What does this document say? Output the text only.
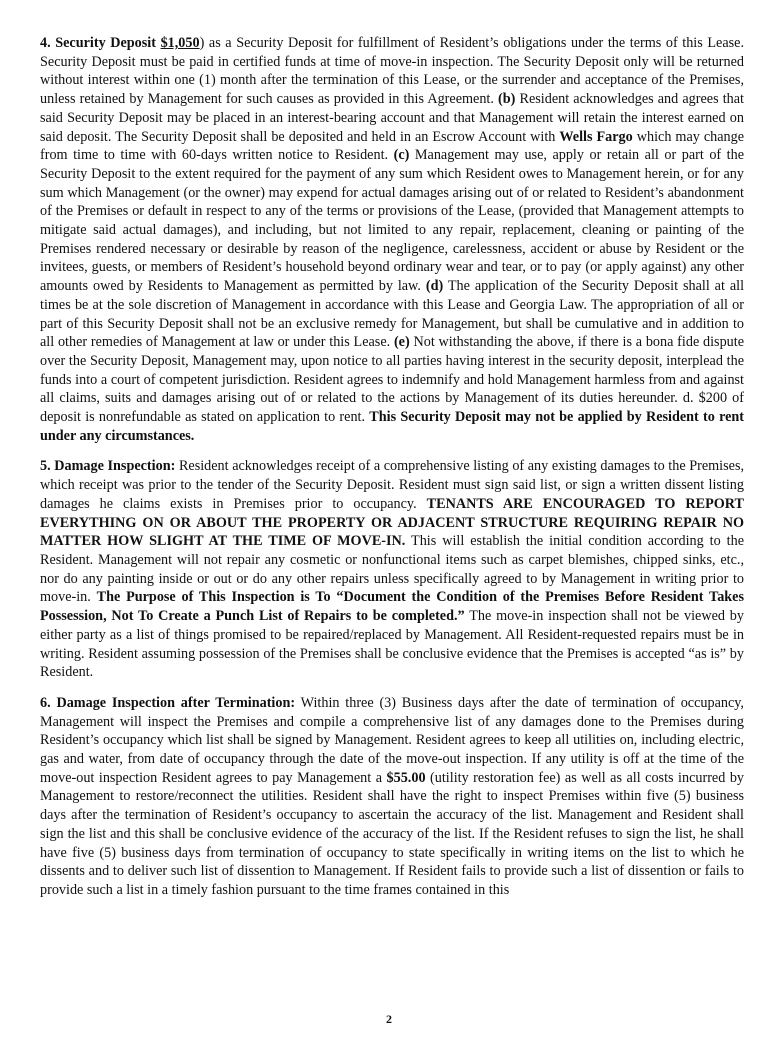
4. Security Deposit $1,050) as a Security Deposit for fulfillment of Resident’s obligations under the terms of this Lease. Security Deposit must be paid in certified funds at time of move-in inspection. The Security Deposit only will be returned without interest within one (1) month after the termination of this Lease, or the surrender and acceptance of the Premises, unless retained by Management for such causes as provided in this Agreement. (b) Resident acknowledges and agrees that said Security Deposit may be placed in an interest-bearing account and that Management will retain the interest earned on said deposit. The Security Deposit shall be deposited and held in an Escrow Account with Wells Fargo which may change from time to time with 60-days written notice to Resident. (c) Management may use, apply or retain all or part of the Security Deposit to the extent required for the payment of any sum which Resident owes to Management herein, or for any sum which Management (or the owner) may expend for actual damages arising out of or related to Resident’s abandonment of the Premises or default in respect to any of the terms or provisions of the Lease, (provided that Management attempts to mitigate said actual damages), and including, but not limited to any repair, replacement, cleaning or painting of the Premises rendered necessary or desirable by reason of the negligence, carelessness, accident or abuse by Resident or the invitees, guests, or members of Resident’s household beyond ordinary wear and tear, or to pay (or apply against) any other amounts owed by Residents to Management as permitted by law. (d) The application of the Security Deposit shall at all times be at the sole discretion of Management in accordance with this Lease and Georgia Law. The appropriation of all or part of this Security Deposit shall not be an exclusive remedy for Management, but shall be cumulative and in addition to all other remedies of Management at law or under this Lease. (e) Not withstanding the above, if there is a bona fide dispute over the Security Deposit, Management may, upon notice to all parties having interest in the security deposit, interplead the funds into a court of competent jurisdiction. Resident agrees to indemnify and hold Management harmless from and against all claims, suits and damages arising out of or related to the actions by Management of its duties hereunder. d. $200 of deposit is nonrefundable as stated on application to rent. This Security Deposit may not be applied by Resident to rent under any circumstances.

5. Damage Inspection: Resident acknowledges receipt of a comprehensive listing of any existing damages to the Premises, which receipt was prior to the tender of the Security Deposit. Resident must sign said list, or sign a written dissent listing damages he claims exists in Premises prior to occupancy. TENANTS ARE ENCOURAGED TO REPORT EVERYTHING ON OR ABOUT THE PROPERTY OR ADJACENT STRUCTURE REQUIRING REPAIR NO MATTER HOW SLIGHT AT THE TIME OF MOVE-IN. This will establish the initial condition according to the Resident. Management will not repair any cosmetic or nonfunctional items such as carpet blemishes, chipped sinks, etc., nor do any painting inside or out or do any other repairs unless specifically agreed to by Management in writing prior to move-in. The Purpose of This Inspection is To “Document the Condition of the Premises Before Resident Takes Possession, Not To Create a Punch List of Repairs to be completed.” The move-in inspection shall not be viewed by either party as a list of things promised to be repaired/replaced by Management. All Resident-requested repairs must be in writing. Resident assuming possession of the Premises shall be conclusive evidence that the Premises is accepted “as is” by Resident.

6. Damage Inspection after Termination: Within three (3) Business days after the date of termination of occupancy, Management will inspect the Premises and compile a comprehensive list of any damages done to the Premises during Resident’s occupancy which list shall be signed by Management. Resident agrees to keep all utilities on, including electric, gas and water, from date of occupancy through the date of the move-out inspection. If any utility is off at the time of the move-out inspection Resident agrees to pay Management a $55.00 (utility restoration fee) as well as all costs incurred by Management to restore/reconnect the utilities. Resident shall have the right to inspect Premises within five (5) business days after the termination of Resident’s occupancy to ascertain the accuracy of the list. Management and Resident shall sign the list and this shall be conclusive evidence of the accuracy of the list. If the Resident refuses to sign the list, he shall have five (5) business days from termination of occupancy to state specifically in writing items on the list to which he dissents and to deliver such list of dissention to Management. If Resident fails to provide such a list of dissention or fails to provide such a list in a timely fashion pursuant to the time frames contained in this

2
